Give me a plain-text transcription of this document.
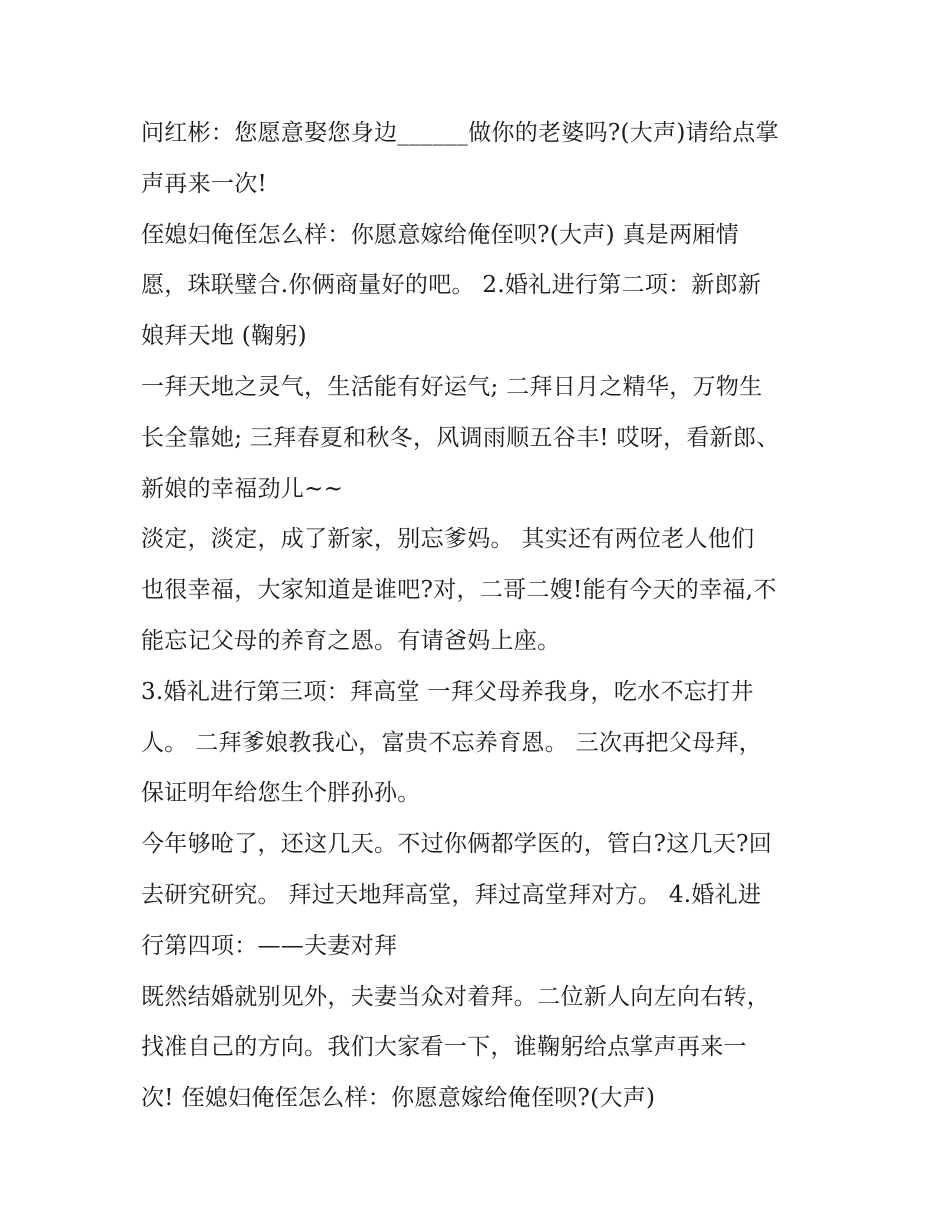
问红彬：您愿意娶您身边______做你的老婆吗?(大声)请给点掌
声再来一次!
侄媳妇俺侄怎么样：你愿意嫁给俺侄呗?(大声) 真是两厢情
愿，珠联璧合.你俩商量好的吧。 2.婚礼进行第二项：新郎新
娘拜天地 (鞠躬)
一拜天地之灵气，生活能有好运气; 二拜日月之精华，万物生
长全靠她; 三拜春夏和秋冬，风调雨顺五谷丰! 哎呀，看新郎、
新娘的幸福劲儿~~
淡定，淡定，成了新家，别忘爹妈。 其实还有两位老人他们
也很幸福，大家知道是谁吧?对，二哥二嫂!能有今天的幸福,不
能忘记父母的养育之恩。有请爸妈上座。
3.婚礼进行第三项：拜高堂 一拜父母养我身，吃水不忘打井
人。 二拜爹娘教我心，富贵不忘养育恩。 三次再把父母拜，
保证明年给您生个胖孙孙。
今年够呛了，还这几天。不过你俩都学医的，管白?这几天?回
去研究研究。 拜过天地拜高堂，拜过高堂拜对方。 4.婚礼进
行第四项：——夫妻对拜
既然结婚就别见外，夫妻当众对着拜。二位新人向左向右转，
找准自己的方向。我们大家看一下，谁鞠躬给点掌声再来一
次! 侄媳妇俺侄怎么样：你愿意嫁给俺侄呗?(大声)
